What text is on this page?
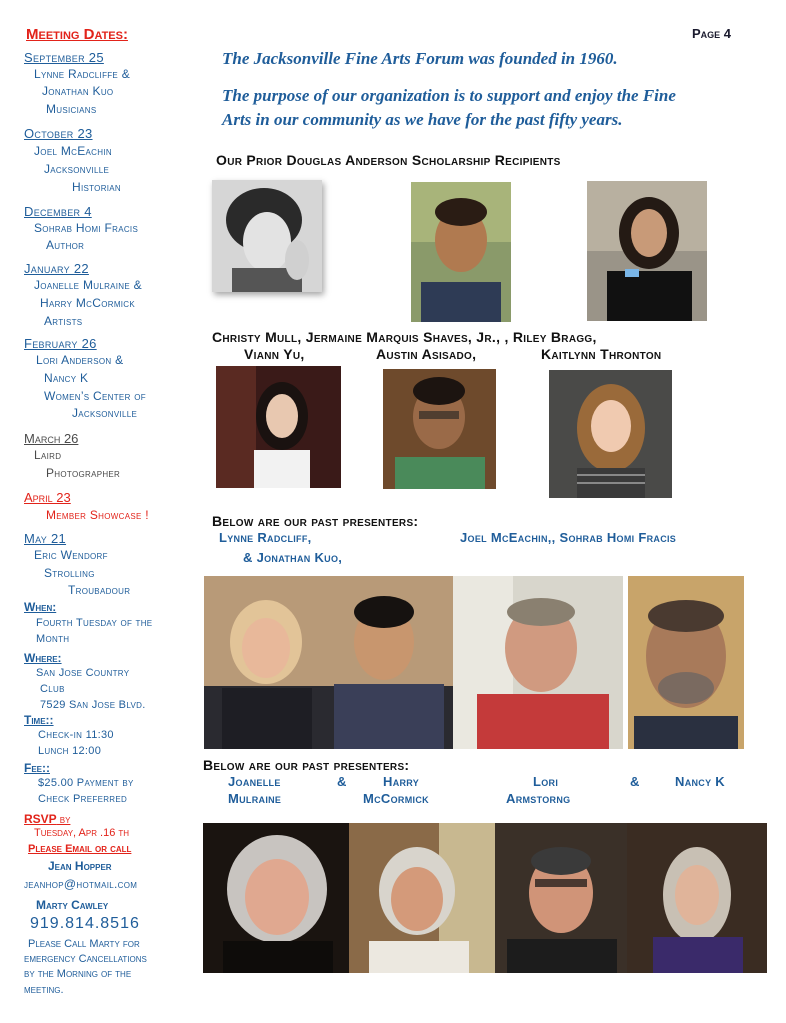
Meeting Dates:
September 25
Lynne Radcliffe &
Jonathan Kuo
Musicians
October 23
Joel McEachin
Jacksonville
Historian
December 4
Sohrab Homi Fracis
Author
January 22
Joanelle Mulraine &
Harry McCormick
Artists
February 26
Lori Anderson &
Nancy K
Women’s Center of
Jacksonville
March 26
Laird
Photographer
April 23
Member Showcase !
May 21
Eric Wendorf
Strolling
Troubadour
When:
Fourth Tuesday of the
Month
Where:
San Jose Country
Club
7529 San Jose Blvd.
Time::
Check-in 11:30
Lunch 12:00
Fee::
$25.00 Payment by
Check Preferred
RSVP by
Tuesday, Apr .16 th
Please Email or call
Jean Hopper
jeanhop@hotmail.com
Marty Cawley
919.814.8516
Please Call Marty for
emergency Cancellations
by the Morning of the
meeting.
Page 4
The Jacksonville Fine Arts Forum was founded in 1960.
The purpose of our organization is to support and enjoy the Fine
Arts in our community as we have for the past fifty years.
Our Prior Douglas Anderson Scholarship Recipients
Christy Mull, Jermaine Marquis Shaves, Jr., , Riley Bragg,
Viann Yu,	Austin Asisado,	Kaitlynn Thronton
Below are our past presenters:
Lynne Radcliff,
& Jonathan Kuo,
Joel McEachin,, Sohrab Homi Fracis
Below are our past presenters:
Joanelle
Mulraine
&	Harry
McCormick
Lori
Armstorng
&	Nancy K
